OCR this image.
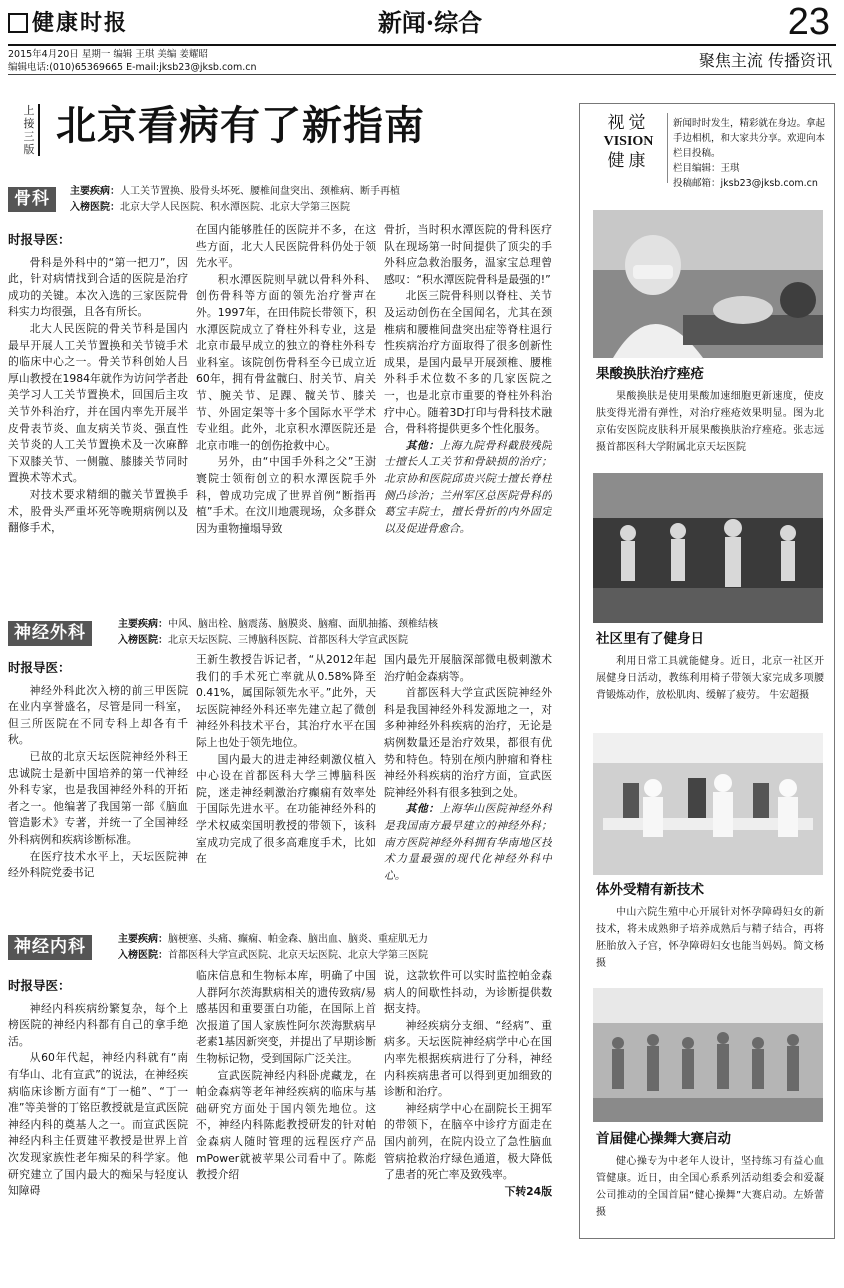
健康时报	新闻·综合	23
2015年4月20日 星期一 编辑 王琪 美编 姜耀昭
编辑电话:(010)65369665 E-mail:jksb23@jksb.com.cn	聚焦主流 传播资讯
上接三版
北京看病有了新指南
骨科	主要疾病：人工关节置换、股骨头坏死、腰椎间盘突出、颈椎病、断手再植
入榜医院：北京大学人民医院、积水潭医院、北京大学第三医院

时报导医：

骨科是外科中的“第一把刀”，因此，针对病情找到合适的医院是治疗成功的关键。本次入选的三家医院骨科实力均很强，且各有所长。

北大人民医院的骨关节科是国内最早开展人工关节置换和关节镜手术的临床中心之一。骨关节科创始人吕厚山教授在1984年就作为访问学者赴美学习人工关节置换术，回国后主攻关节外科治疗，并在国内率先开展半皮骨表节炎、血友病关节炎、强直性关节炎的人工关节置换术及一次麻醉下双膝关节、一侧髋、膝膝关节同时置换术等术式。

对技术要求精细的髋关节置换手术，股骨头严重坏死等晚期病例以及翻修手术，

在国内能够胜任的医院并不多，在这些方面，北大人民医院骨科仍处于领先水平。

积水潭医院则早就以骨科外科、创伤骨科等方面的领先治疗誉声在外。1997年，在田伟院长带领下，积水潭医院成立了脊柱外科专业，这是北京市最早成立的独立的脊柱外科专业科室。该院创伤骨科至今已成立近60年，拥有骨盆髋臼、肘关节、肩关节、腕关节、足踝、髋关节、膝关节、外固定架等十多个国际水平学术专业组。此外，北京积水潭医院还是北京市唯一的创伤抢救中心。

另外，由“中国手外科之父”王澍寰院士领衔创立的积水潭医院手外科，曾成功完成了世界首例“断指再植”手术。在汶川地震现场，众多群众因为重物撞塌导致

骨折，当时积水潭医院的骨科医疗队在现场第一时间提供了顶尖的手外科应急救治服务，温家宝总理曾感叹：“积水潭医院骨科是最强的!”

北医三院骨科则以脊柱、关节及运动创伤在全国闻名，尤其在颈椎病和腰椎间盘突出症等脊柱退行性疾病治疗方面取得了很多创新性成果，是国内最早开展颈椎、腰椎外科手术位数不多的几家医院之一，也是北京市重要的脊柱外科治疗中心。随着3D打印与骨科技术融合，骨科将提供更多个性化服务。

其他：上海九院骨科截肢残院士擅长人工关节和骨缺损的治疗；北京协和医院邱贵兴院士擅长脊柱侧凸诊治；兰州军区总医院骨科的葛宝丰院士，擅长骨折的内外固定以及促进骨愈合。

神经外科	主要疾病：中风、脑出栓、脑震荡、脑膜炎、脑瘤、面肌抽搐、颈椎结核
入榜医院：北京天坛医院、三博脑科医院、首都医科大学宣武医院

时报导医：

神经外科此次入榜的前三甲医院在业内享誉盛名，尽管是同一科室，但三所医院在不同专科上却各有千秋。

已故的北京天坛医院神经外科王忠诚院士是新中国培养的第一代神经外科专家，也是我国神经外科的开拓者之一。他编著了我国第一部《脑血管造影术》专著，并统一了全国神经外科病例和疾病诊断标准。

在医疗技术水平上，天坛医院神经外科院党委书记

王新生教授告诉记者，“从2012年起我们的手术死亡率就从0.58%降至0.41%，属国际领先水平。”此外，天坛医院神经外科还率先建立起了微创神经外科技术平台，其治疗水平在国际上也处于领先地位。

国内最大的进走神经刺激仪植入中心设在首都医科大学三博脑科医院，迷走神经刺激治疗癫痫有效率处于国际先进水平。在功能神经外科的学术权威栾国明教授的带领下，该科室成功完成了很多高难度手术，比如在

国内最先开展脑深部微电极刺激术治疗帕金森病等。

首都医科大学宣武医院神经外科是我国神经外科发源地之一，对多种神经外科疾病的治疗，无论是病例数量还是治疗效果，都很有优势和特色。特别在颅内肿瘤和脊柱神经外科疾病的治疗方面，宣武医院神经外科有很多独到之处。

其他：上海华山医院神经外科是我国南方最早建立的神经外科；南方医院神经外科拥有华南地区技术力量最强的现代化神经外科中心。

神经内科	主要疾病：脑梗塞、头痛、癫痫、帕金森、脑出血、脑炎、重症肌无力
入榜医院：首都医科大学宣武医院、北京天坛医院、北京大学第三医院

时报导医：

神经内科疾病纷繁复杂，每个上榜医院的神经内科都有自己的拿手绝活。

从60年代起，神经内科就有“南有华山、北有宣武”的说法，在神经疾病临床诊断方面有“丁一槌”、“丁一准”等美誉的丁铭臣教授就是宣武医院神经内科的奠基人之一。而宣武医院神经内科主任贾建平教授是世界上首次发现家族性老年痴呆的科学家。他研究建立了国内最大的痴呆与轻度认知障碍

临床信息和生物标本库，明确了中国人群阿尔茨海默病相关的遗传致病/易感基因和重要蛋白功能，在国际上首次报道了国人家族性阿尔茨海默病早老素1基因新突变，并提出了早期诊断生物标记物，受到国际广泛关注。

宣武医院神经内科卧虎藏龙，在帕金森病等老年神经疾病的临床与基础研究方面处于国内领先地位。这不，神经内科陈彪教授研发的针对帕金森病人随时管理的远程医疗产品mPower就被苹果公司看中了。陈彪教授介绍

说，这款软件可以实时监控帕金森病人的间歇性抖动，为诊断提供数据支持。

神经疾病分支细、“经病”、重病多。天坛医院神经病学中心在国内率先根据疾病进行了分科，神经内科疾病患者可以得到更加细致的诊断和治疗。

神经病学中心在副院长王拥军的带领下，在脑卒中诊疗方面走在国内前列，在院内设立了急性脑血管病抢救治疗绿色通道，极大降低了患者的死亡率及致残率。

下转24版

视觉
VISION
健康
新闻时时发生，精彩就在身边。拿起手边相机，和大家共分享。欢迎向本栏目投稿。
栏目编辑：王琪
投稿邮箱：jksb23@jksb.com.cn
果酸换肤治疗痤疮
果酸换肤是使用果酸加速细胞更新速度，使皮肤变得光滑有弹性，对治疗痤疮效果明显。图为北京佑安医院皮肤科开展果酸换肤治疗痤疮。张志远摄首都医科大学附属北京天坛医院
社区里有了健身日
利用日常工具就能健身。近日，北京一社区开展健身日活动，教练利用椅子带领大家完成多项腰背锻炼动作，放松肌肉、缓解了疲劳。 牛宏超摄
体外受精有新技术
中山六院生殖中心开展针对怀孕障碍妇女的新技术，将未成熟卵子培养成熟后与精子结合，再将胚胎放入子宫，怀孕障碍妇女也能当妈妈。简文杨摄
首届健心操舞大赛启动
健心操专为中老年人设计，坚持练习有益心血管健康。近日，由全国心系系列活动组委会和爱凝公司推动的全国首届“健心操舞”大赛启动。左娇蕾摄
